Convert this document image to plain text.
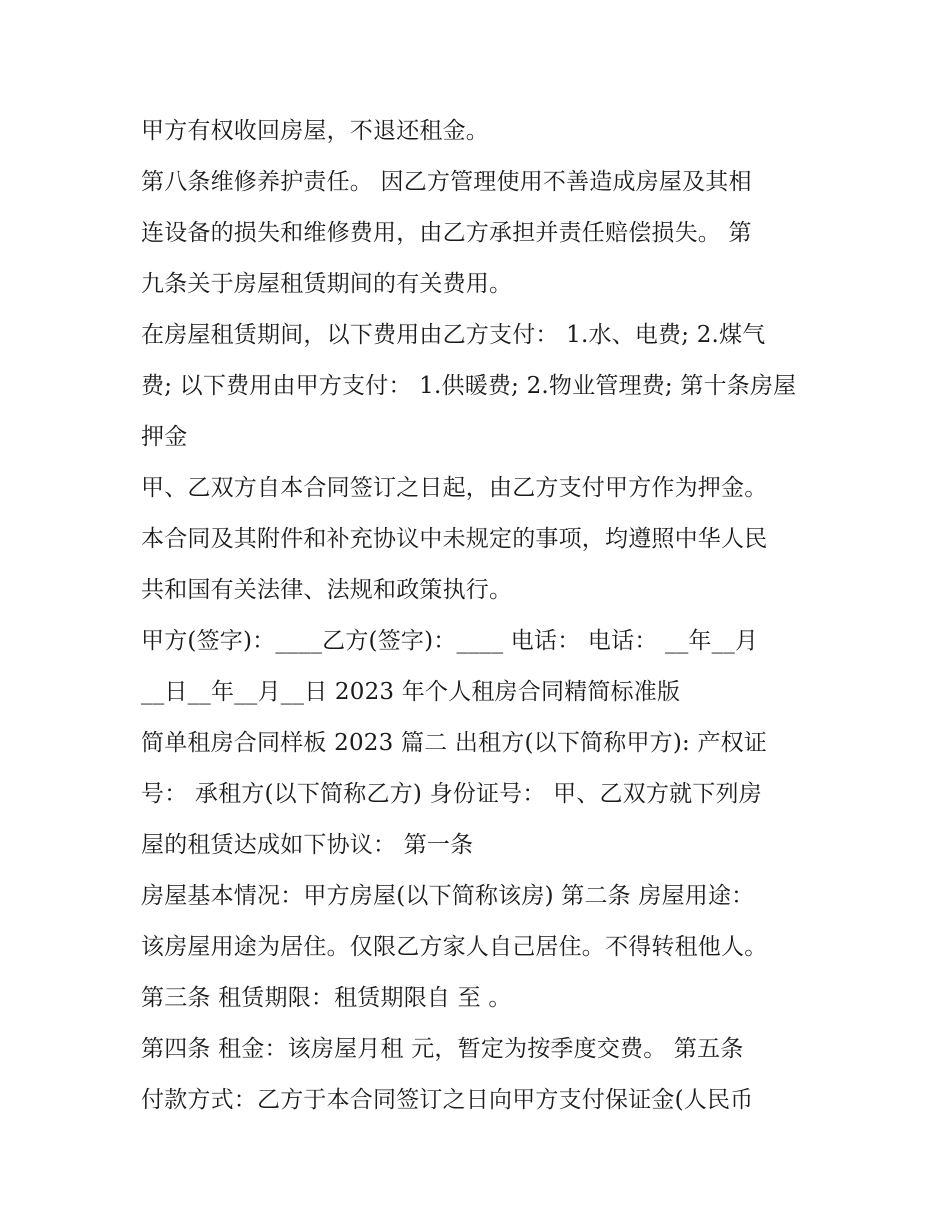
甲方有权收回房屋，不退还租金。
第八条维修养护责任。 因乙方管理使用不善造成房屋及其相
连设备的损失和维修费用，由乙方承担并责任赔偿损失。 第
九条关于房屋租赁期间的有关费用。
在房屋租赁期间，以下费用由乙方支付： 1.水、电费; 2.煤气
费; 以下费用由甲方支付： 1.供暖费; 2.物业管理费; 第十条房屋
押金
甲、乙双方自本合同签订之日起，由乙方支付甲方作为押金。
本合同及其附件和补充协议中未规定的事项，均遵照中华人民
共和国有关法律、法规和政策执行。
甲方(签字)：____乙方(签字)：____ 电话： 电话： __年__月
__日__年__月__日 2023 年个人租房合同精简标准版
简单租房合同样板 2023 篇二 出租方(以下简称甲方): 产权证
号： 承租方(以下简称乙方) 身份证号： 甲、乙双方就下列房
屋的租赁达成如下协议： 第一条
房屋基本情况：甲方房屋(以下简称该房) 第二条 房屋用途：
该房屋用途为居住。仅限乙方家人自己居住。不得转租他人。
第三条 租赁期限：租赁期限自 至 。
第四条 租金：该房屋月租 元，暂定为按季度交费。 第五条
付款方式：乙方于本合同签订之日向甲方支付保证金(人民币
